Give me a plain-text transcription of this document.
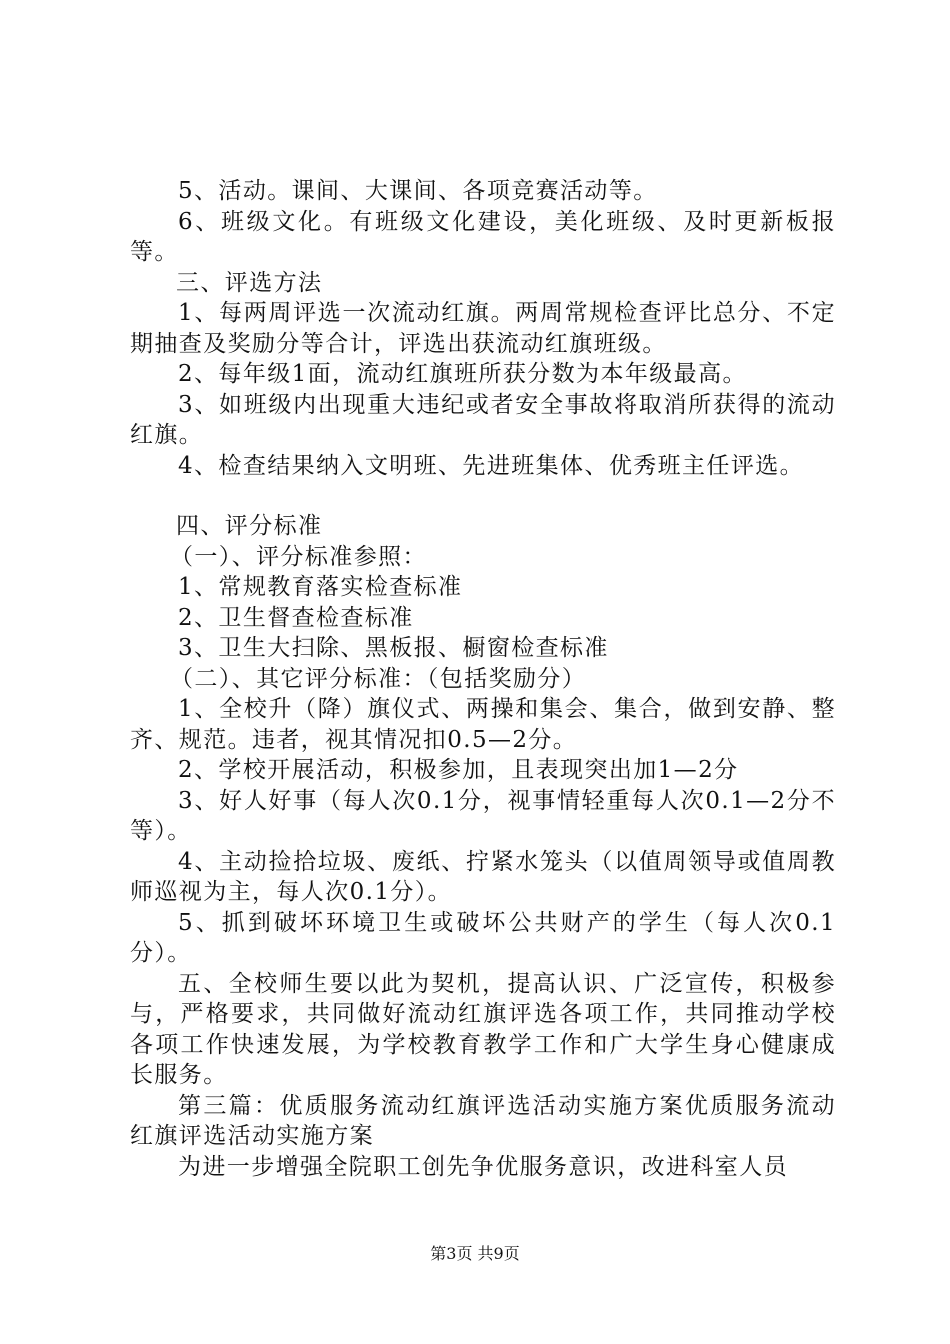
5、活动。课间、大课间、各项竞赛活动等。

6、班级文化。有班级文化建设，美化班级、及时更新板报等。

三、评选方法

1、每两周评选一次流动红旗。两周常规检查评比总分、不定期抽查及奖励分等合计，评选出获流动红旗班级。

2、每年级1面，流动红旗班所获分数为本年级最高。

3、如班级内出现重大违纪或者安全事故将取消所获得的流动红旗。

4、检查结果纳入文明班、先进班集体、优秀班主任评选。

四、评分标准

（一）、评分标准参照：

1、常规教育落实检查标准

2、卫生督查检查标准

3、卫生大扫除、黑板报、橱窗检查标准

（二）、其它评分标准：（包括奖励分）

1、全校升（降）旗仪式、两操和集会、集合，做到安静、整齐、规范。违者，视其情况扣0.5—2分。

2、学校开展活动，积极参加，且表现突出加1—2分

3、好人好事（每人次0.1分，视事情轻重每人次0.1—2分不等）。

4、主动捡拾垃圾、废纸、拧紧水笼头（以值周领导或值周教师巡视为主，每人次0.1分）。

5、抓到破坏环境卫生或破坏公共财产的学生（每人次0.1分）。

五、全校师生要以此为契机，提高认识、广泛宣传，积极参与，严格要求，共同做好流动红旗评选各项工作，共同推动学校各项工作快速发展，为学校教育教学工作和广大学生身心健康成长服务。

第三篇：优质服务流动红旗评选活动实施方案优质服务流动红旗评选活动实施方案

为进一步增强全院职工创先争优服务意识，改进科室人员

第3页 共9页
